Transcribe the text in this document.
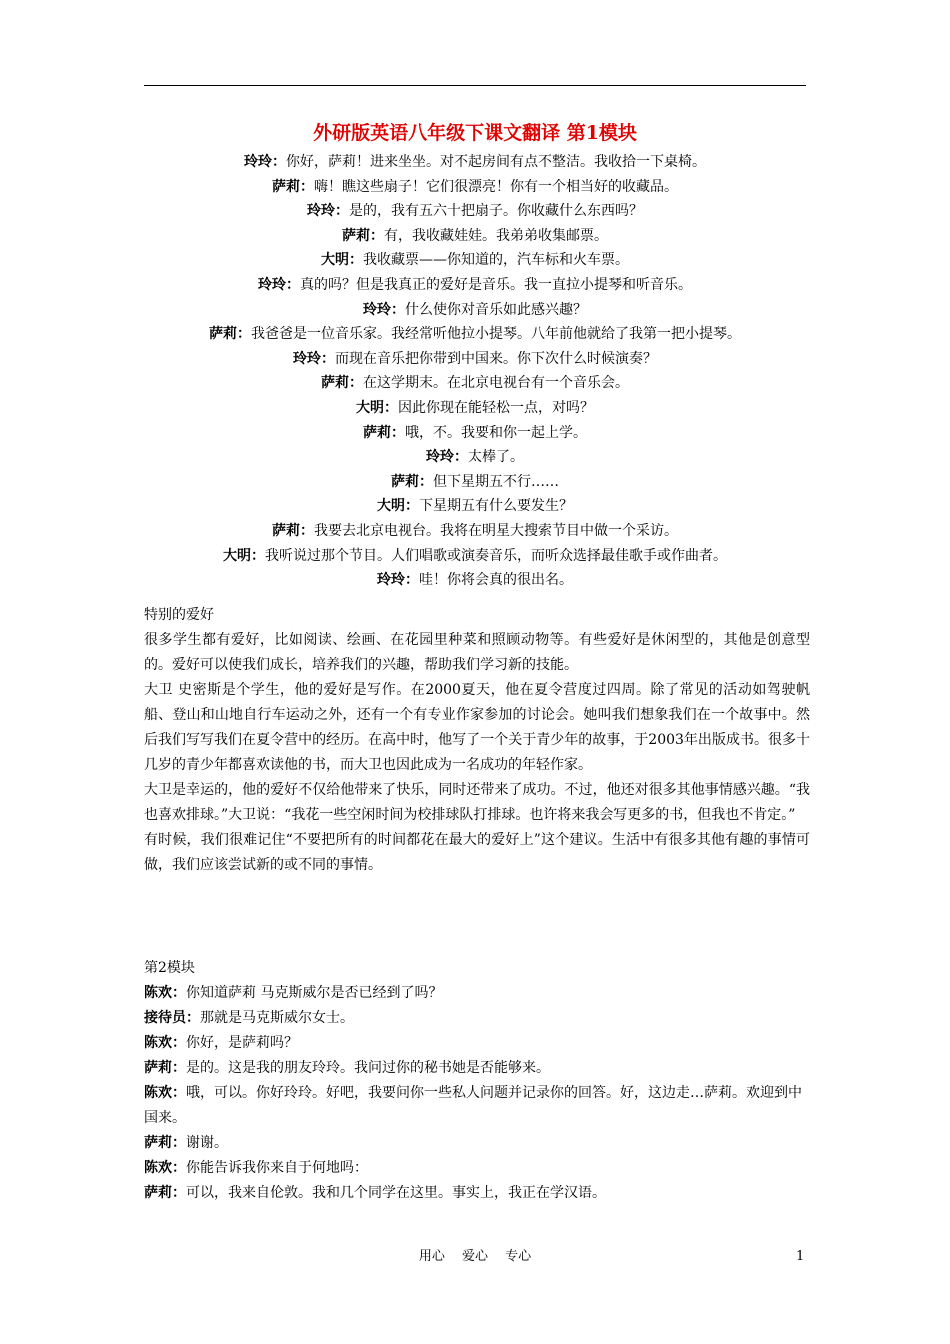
外研版英语八年级下课文翻译 第1模块
玲玲：你好，萨莉！进来坐坐。对不起房间有点不整洁。我收拾一下桌椅。
萨莉：嗨！瞧这些扇子！它们很漂亮！你有一个相当好的收藏品。
玲玲：是的，我有五六十把扇子。你收藏什么东西吗？
萨莉：有，我收藏娃娃。我弟弟收集邮票。
大明：我收藏票——你知道的，汽车标和火车票。
玲玲：真的吗？但是我真正的爱好是音乐。我一直拉小提琴和听音乐。
玲玲：什么使你对音乐如此感兴趣？
萨莉：我爸爸是一位音乐家。我经常听他拉小提琴。八年前他就给了我第一把小提琴。
玲玲：而现在音乐把你带到中国来。你下次什么时候演奏？
萨莉：在这学期末。在北京电视台有一个音乐会。
大明：因此你现在能轻松一点，对吗？
萨莉：哦，不。我要和你一起上学。
玲玲：太棒了。
萨莉：但下星期五不行……
大明：下星期五有什么要发生？
萨莉：我要去北京电视台。我将在明星大搜索节目中做一个采访。
大明：我听说过那个节目。人们唱歌或演奏音乐，而听众选择最佳歌手或作曲者。
玲玲：哇！你将会真的很出名。
特别的爱好

很多学生都有爱好，比如阅读、绘画、在花园里种菜和照顾动物等。有些爱好是休闲型的，其他是创意型的。爱好可以使我们成长，培养我们的兴趣，帮助我们学习新的技能。

大卫 史密斯是个学生，他的爱好是写作。在2000夏天，他在夏令营度过四周。除了常见的活动如驾驶帆船、登山和山地自行车运动之外，还有一个有专业作家参加的讨论会。她叫我们想象我们在一个故事中。然后我们写写我们在夏令营中的经历。在高中时，他写了一个关于青少年的故事，于2003年出版成书。很多十几岁的青少年都喜欢读他的书，而大卫也因此成为一名成功的年轻作家。

大卫是幸运的，他的爱好不仅给他带来了快乐，同时还带来了成功。不过，他还对很多其他事情感兴趣。“我也喜欢排球。”大卫说：“我花一些空闲时间为校排球队打排球。也许将来我会写更多的书，但我也不肯定。”

有时候，我们很难记住“不要把所有的时间都花在最大的爱好上”这个建议。生活中有很多其他有趣的事情可做，我们应该尝试新的或不同的事情。

第2模块
陈欢：你知道萨莉 马克斯威尔是否已经到了吗？
接待员：那就是马克斯威尔女士。
陈欢：你好，是萨莉吗？
萨莉：是的。这是我的朋友玲玲。我问过你的秘书她是否能够来。
陈欢：哦，可以。你好玲玲。好吧，我要问你一些私人问题并记录你的回答。好，这边走…萨莉。欢迎到中国来。
萨莉：谢谢。
陈欢：你能告诉我你来自于何地吗：
萨莉：可以，我来自伦敦。我和几个同学在这里。事实上，我正在学汉语。
用心　 爱心　 专心	1
